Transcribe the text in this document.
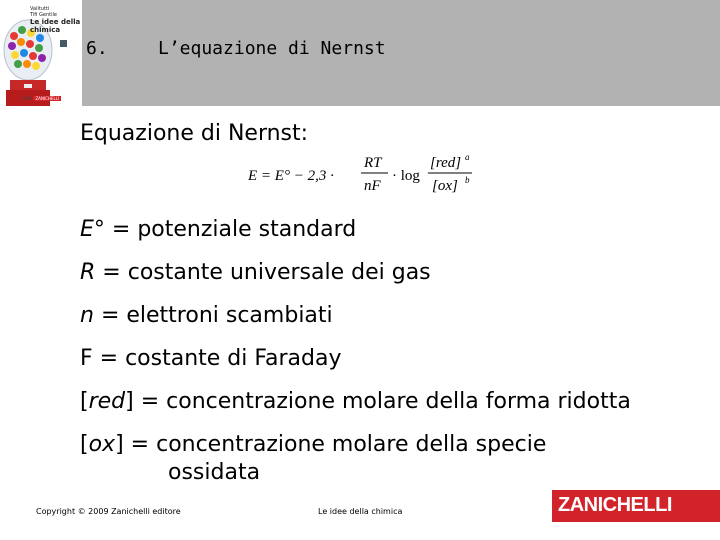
Valitutti
Tifi Gentile
Le idee della
chimica
2009 ZANICHELLI
6.	L’equazione di Nernst
Equazione di Nernst:
E = E° − 2,3 ·
RT
nF
· log
[red] a
[ox] b
E° = potenziale standard
R = costante universale dei gas
n = elettroni scambiati
F = costante di Faraday
[red] = concentrazione molare della forma ridotta
[ox] = concentrazione molare della specie
ossidata
Copyright © 2009 Zanichelli editore	Le idee della chimica	ZANICHELLI
